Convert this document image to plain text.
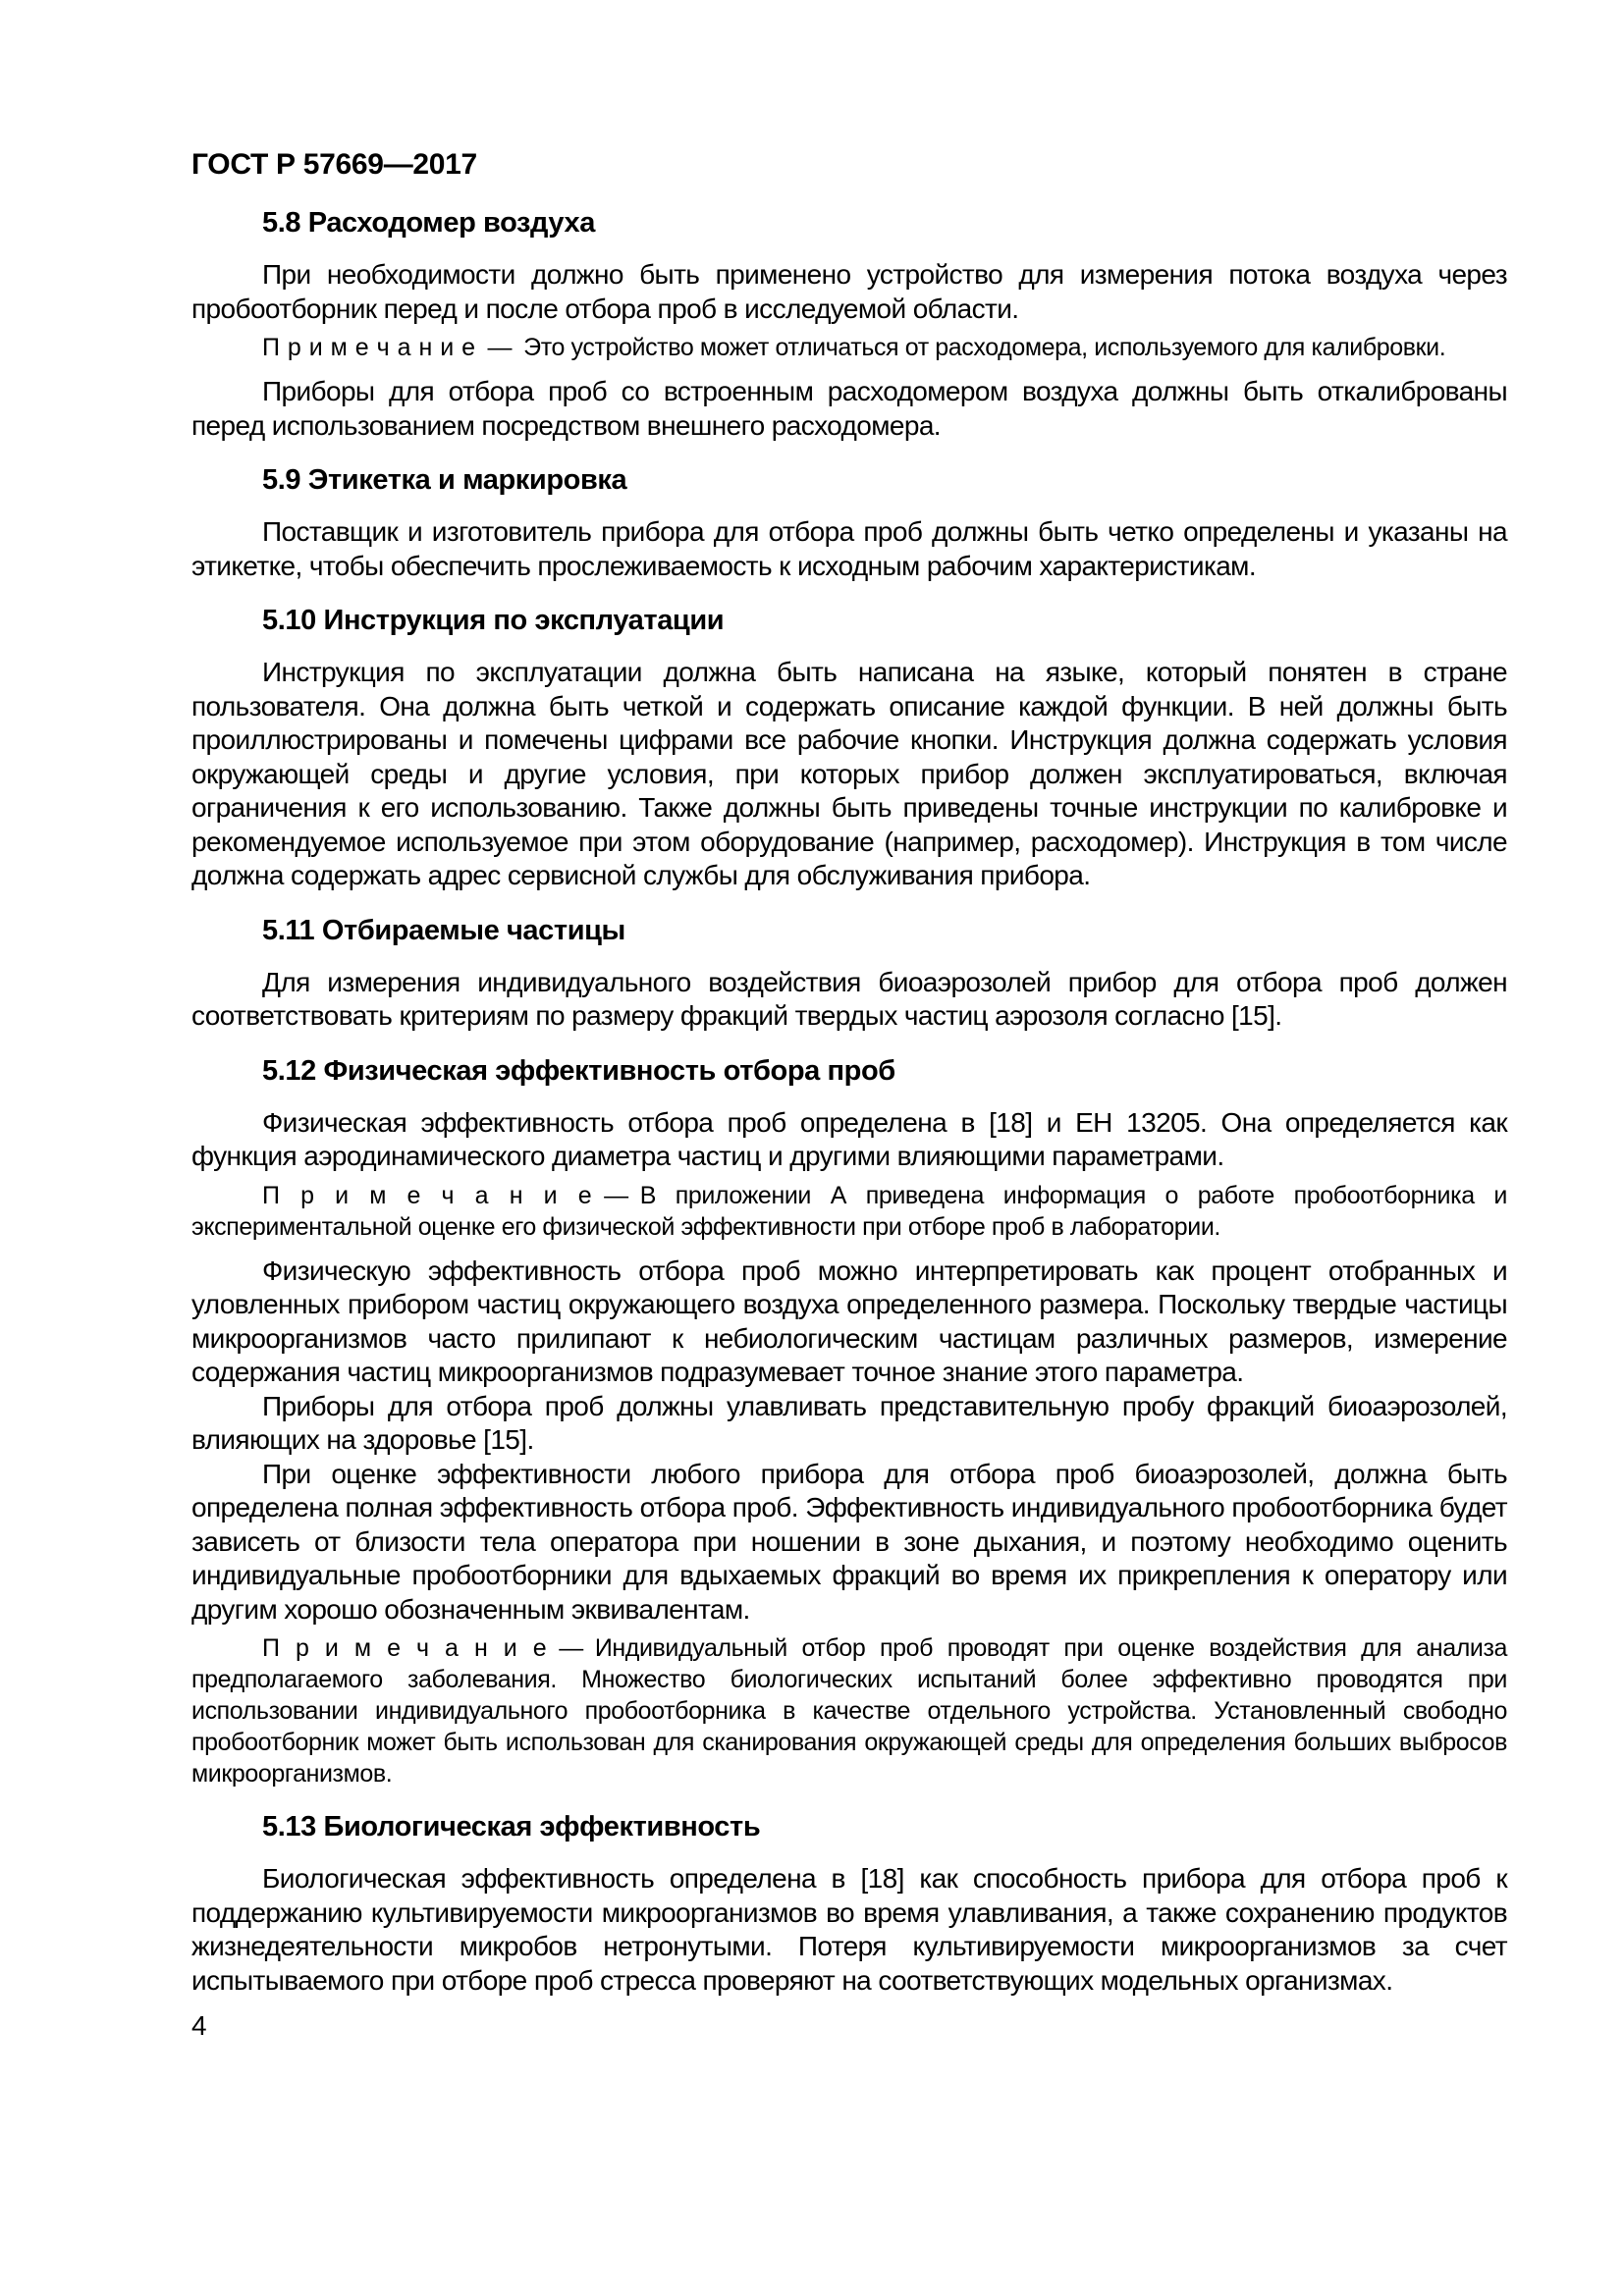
ГОСТ Р 57669—2017
5.8 Расходомер воздуха

При необходимости должно быть применено устройство для измерения потока воздуха через пробоотборник перед и после отбора проб в исследуемой области.

П р и м е ч а н и е — Это устройство может отличаться от расходомера, используемого для калибровки.

Приборы для отбора проб со встроенным расходомером воздуха должны быть откалиброваны перед использованием посредством внешнего расходомера.

5.9 Этикетка и маркировка

Поставщик и изготовитель прибора для отбора проб должны быть четко определены и указаны на этикетке, чтобы обеспечить прослеживаемость к исходным рабочим характеристикам.

5.10 Инструкция по эксплуатации

Инструкция по эксплуатации должна быть написана на языке, который понятен в стране пользователя. Она должна быть четкой и содержать описание каждой функции. В ней должны быть проиллюстрированы и помечены цифрами все рабочие кнопки. Инструкция должна содержать условия окружающей среды и другие условия, при которых прибор должен эксплуатироваться, включая ограничения к его использованию. Также должны быть приведены точные инструкции по калибровке и рекомендуемое используемое при этом оборудование (например, расходомер). Инструкция в том числе должна содержать адрес сервисной службы для обслуживания прибора.

5.11 Отбираемые частицы

Для измерения индивидуального воздействия биоаэрозолей прибор для отбора проб должен соответствовать критериям по размеру фракций твердых частиц аэрозоля согласно [15].

5.12 Физическая эффективность отбора проб

Физическая эффективность отбора проб определена в [18] и ЕН 13205. Она определяется как функция аэродинамического диаметра частиц и другими влияющими параметрами.

П р и м е ч а н и е — В приложении А приведена информация о работе пробоотборника и экспериментальной оценке его физической эффективности при отборе проб в лаборатории.

Физическую эффективность отбора проб можно интерпретировать как процент отобранных и уловленных прибором частиц окружающего воздуха определенного размера. Поскольку твердые частицы микроорганизмов часто прилипают к небиологическим частицам различных размеров, измерение содержания частиц микроорганизмов подразумевает точное знание этого параметра.

Приборы для отбора проб должны улавливать представительную пробу фракций биоаэрозолей, влияющих на здоровье [15].

При оценке эффективности любого прибора для отбора проб биоаэрозолей, должна быть определена полная эффективность отбора проб. Эффективность индивидуального пробоотборника будет зависеть от близости тела оператора при ношении в зоне дыхания, и поэтому необходимо оценить индивидуальные пробоотборники для вдыхаемых фракций во время их прикрепления к оператору или другим хорошо обозначенным эквивалентам.

П р и м е ч а н и е — Индивидуальный отбор проб проводят при оценке воздействия для анализа предполагаемого заболевания. Множество биологических испытаний более эффективно проводятся при использовании индивидуального пробоотборника в качестве отдельного устройства. Установленный свободно пробоотборник может быть использован для сканирования окружающей среды для определения больших выбросов микроорганизмов.
5.13 Биологическая эффективность

Биологическая эффективность определена в [18] как способность прибора для отбора проб к поддержанию культивируемости микроорганизмов во время улавливания, а также сохранению продуктов жизнедеятельности микробов нетронутыми. Потеря культивируемости микроорганизмов за счет испытываемого при отборе проб стресса проверяют на соответствующих модельных организмах.

4
